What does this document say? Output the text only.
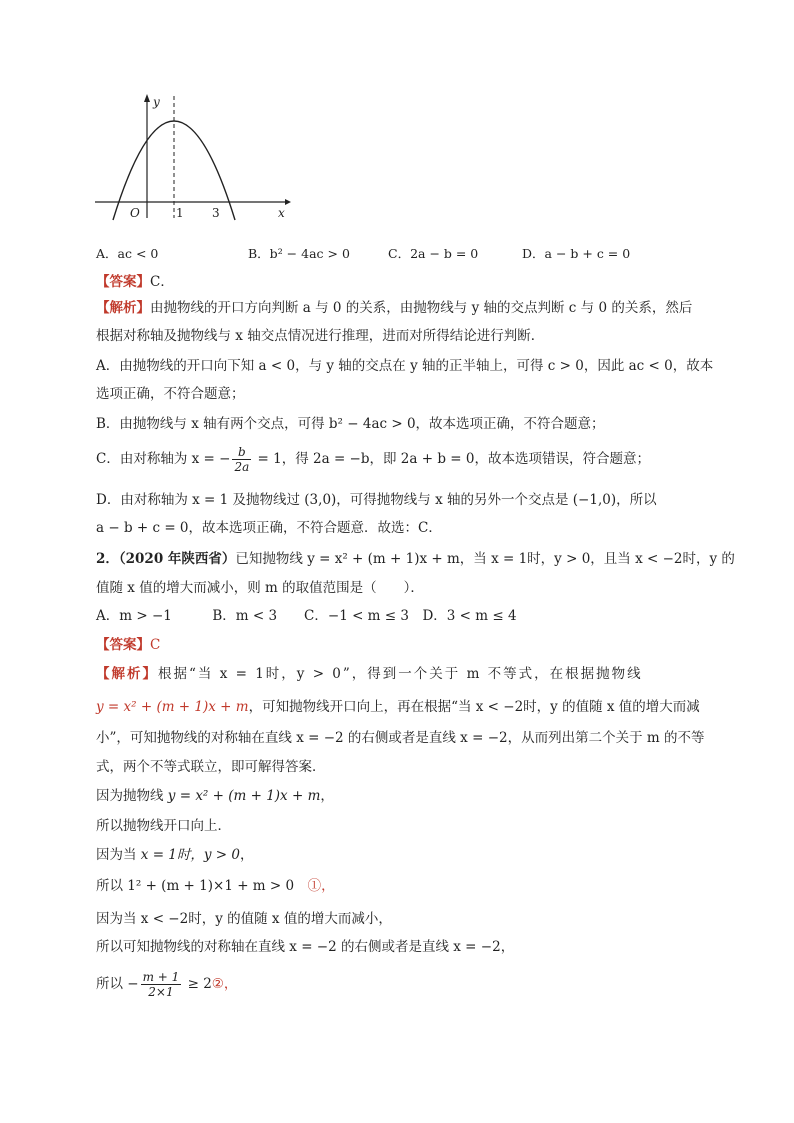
y
x
O	1 3
A．ac < 0	B．b² − 4ac > 0	C．2a − b = 0	D．a − b + c = 0
【答案】C．
【解析】由抛物线的开口方向判断 a 与 0 的关系，由抛物线与 y 轴的交点判断 c 与 0 的关系，然后
根据对称轴及抛物线与 x 轴交点情况进行推理，进而对所得结论进行判断．
A．由抛物线的开口向下知 a < 0，与 y 轴的交点在 y 轴的正半轴上，可得 c > 0，因此 ac < 0，故本
选项正确，不符合题意；
B．由抛物线与 x 轴有两个交点，可得 b² − 4ac > 0，故本选项正确，不符合题意；
C．由对称轴为 x = − $\frac{b}{2a} = 1$，得 2a = −b，即 2a + b = 0，故本选项错误，符合题意；
D．由对称轴为 x = 1 及抛物线过 (3,0)，可得抛物线与 x 轴的另外一个交点是 (−1,0)，所以
a − b + c = 0，故本选项正确，不符合题意．故选：C．
2．（2020 年陕西省）已知抛物线 y = x² + (m + 1)x + m，当 x = 1时，y > 0，且当 x < −2时，y 的
值随 x 值的增大而减小，则 m 的取值范围是（　　）．
A．m > −1　　　B．m < 3　　C．−1 < m ≤ 3　D．3 < m ≤ 4
【答案】C
【解析】根据“当 x = 1时，y > 0”，得到一个关于 m 不等式，在根据抛物线
y = x² + (m + 1)x + m，可知抛物线开口向上，再在根据“当 x < −2时，y 的值随 x 值的增大而减
小”，可知抛物线的对称轴在直线 x = −2 的右侧或者是直线 x = −2，从而列出第二个关于 m 的不等
式，两个不等式联立，即可解得答案．
因为抛物线 y = x² + (m + 1)x + m，
所以抛物线开口向上．
因为当 x = 1时，y > 0，
所以 1² + (m + 1)×1 + m > 0　①，
因为当 x < −2时，y 的值随 x 值的增大而减小，
所以可知抛物线的对称轴在直线 x = −2 的右侧或者是直线 x = −2，
所以 − $\frac{m + 1}{2\times 1}$ ≥ 2②，
